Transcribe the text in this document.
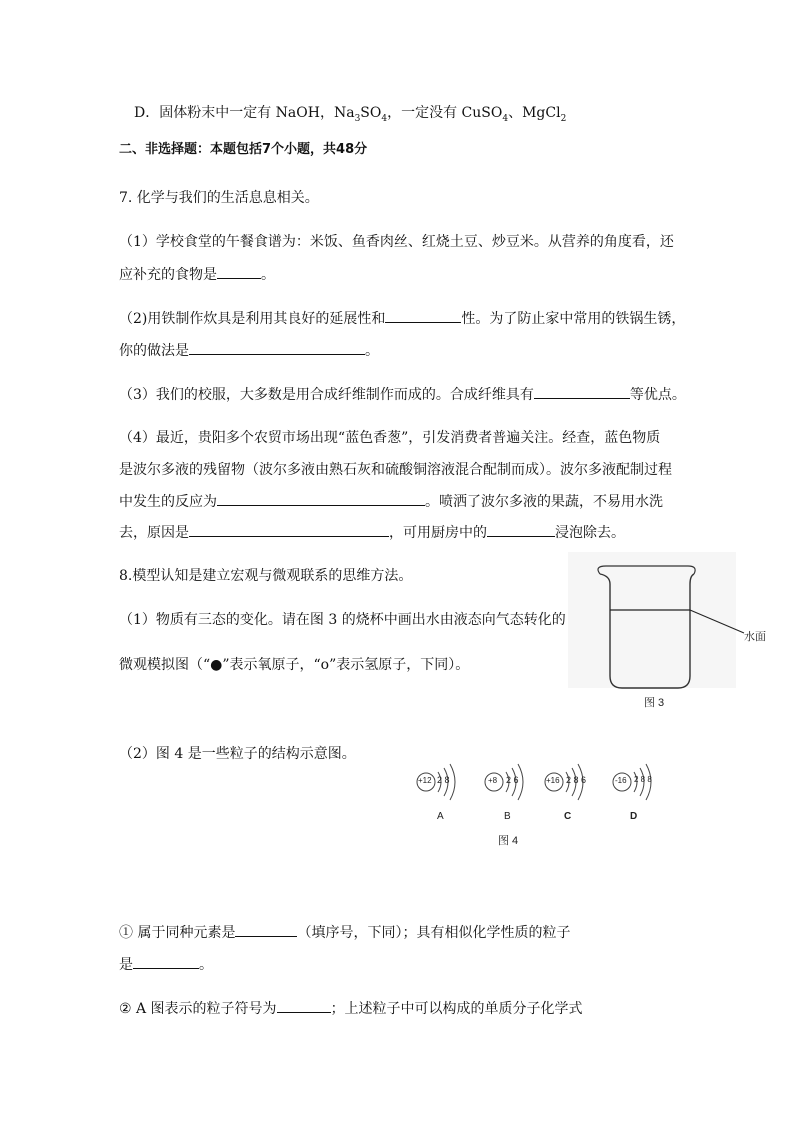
D．固体粉末中一定有 NaOH，$Na_3SO_4$，一定没有 CuSO$_4$、MgCl$_2$
二、非选择题：本题包括7个小题，共48分
7. 化学与我们的生活息息相关。
（1）学校食堂的午餐食谱为：米饭、鱼香肉丝、红烧土豆、炒豆米。从营养的角度看，还
应补充的食物是	。
（2)用铁制作炊具是利用其良好的延展性和	性。为了防止家中常用的铁锅生锈，
你的做法是	。
（3）我们的校服，大多数是用合成纤维制作而成的。合成纤维具有	等优点。
（4）最近，贵阳多个农贸市场出现“蓝色香葱”，引发消费者普遍关注。经查，蓝色物质
是波尔多液的残留物（波尔多液由熟石灰和硫酸铜溶液混合配制而成）。波尔多液配制过程
中发生的反应为	。喷洒了波尔多液的果蔬，不易用水洗
去，原因是	，可用厨房中的	浸泡除去。
8.模型认知是建立宏观与微观联系的思维方法。
（1）物质有三态的变化。请在图 3 的烧杯中画出水由液态向气态转化的
微观模拟图（“●”表示氧原子，“o”表示氢原子，下同）。
水面
图 3
（2）图 4 是一些粒子的结构示意图。
+12 2 8
A
+8 2 6
B
+16 2 8 6
C
-16 2 8 8
D
图 4
① 属于同种元素是	（填序号，下同）；具有相似化学性质的粒子
是	。
② A 图表示的粒子符号为	；上述粒子中可以构成的单质分子化学式
